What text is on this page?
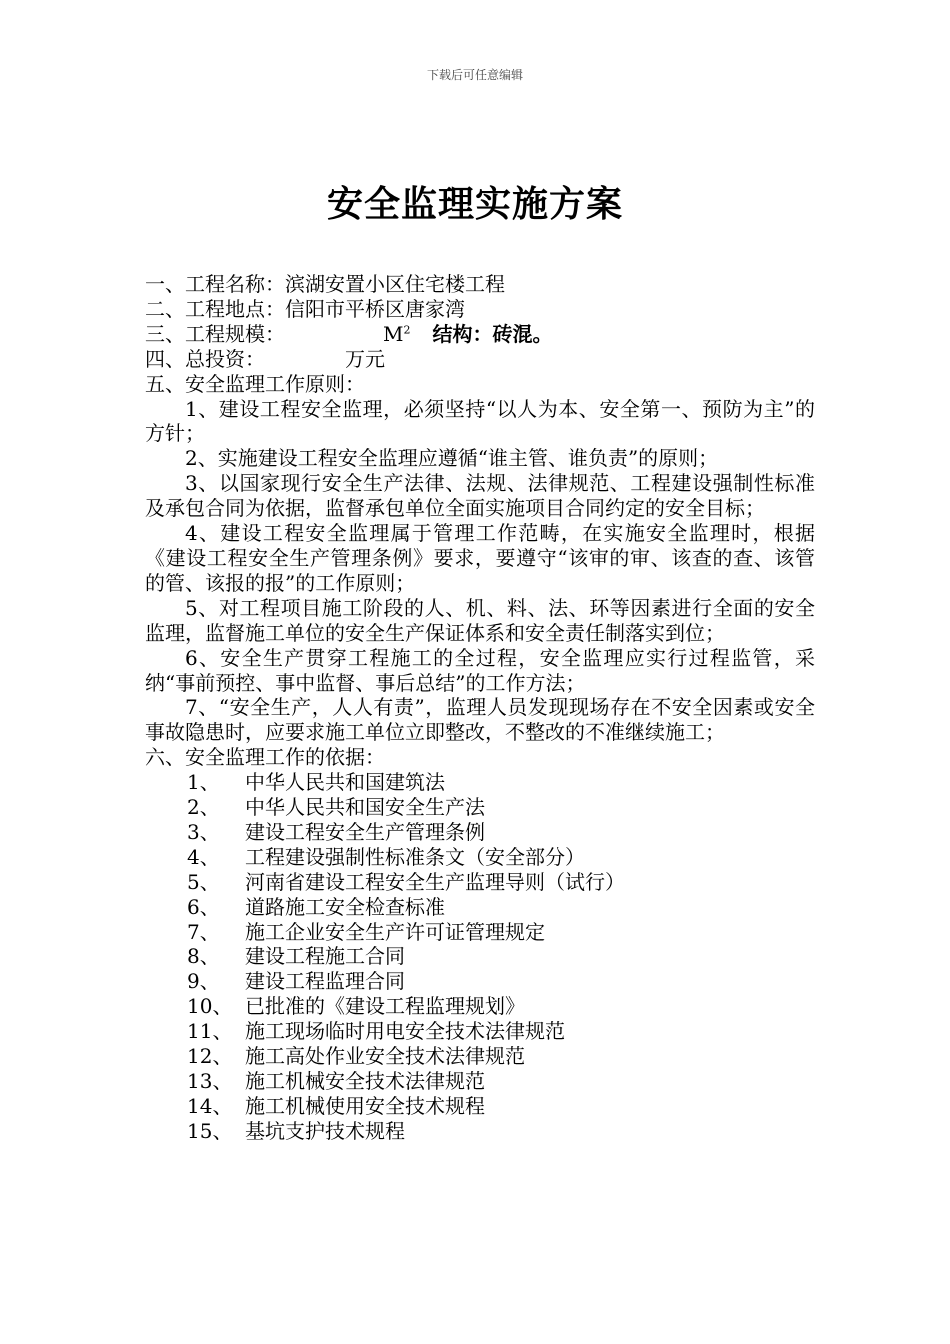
下载后可任意编辑
安全监理实施方案
一、工程名称：滨湖安置小区住宅楼工程
二、工程地点：信阳市平桥区唐家湾
三、工程规模：	$M^2$ 结构：砖混。
四、总投资：	万元
五、安全监理工作原则：
1、建设工程安全监理，必须坚持“以人为本、安全第一、预防为主”的方针；
2、实施建设工程安全监理应遵循“谁主管、谁负责”的原则；
3、以国家现行安全生产法律、法规、法律规范、工程建设强制性标准及承包合同为依据，监督承包单位全面实施项目合同约定的安全目标；
4、建设工程安全监理属于管理工作范畴，在实施安全监理时，根据《建设工程安全生产管理条例》要求，要遵守“该审的审、该查的查、该管的管、该报的报”的工作原则；
5、对工程项目施工阶段的人、机、料、法、环等因素进行全面的安全监理，监督施工单位的安全生产保证体系和安全责任制落实到位；
6、安全生产贯穿工程施工的全过程，安全监理应实行过程监管，采纳“事前预控、事中监督、事后总结”的工作方法；
7、“安全生产，人人有责”，监理人员发现现场存在不安全因素或安全事故隐患时，应要求施工单位立即整改，不整改的不准继续施工；
六、安全监理工作的依据：
1、 中华人民共和国建筑法
2、 中华人民共和国安全生产法
3、 建设工程安全生产管理条例
4、 工程建设强制性标准条文（安全部分）
5、 河南省建设工程安全生产监理导则（试行）
6、 道路施工安全检查标准
7、 施工企业安全生产许可证管理规定
8、 建设工程施工合同
9、 建设工程监理合同
10、 已批准的《建设工程监理规划》
11、 施工现场临时用电安全技术法律规范
12、 施工高处作业安全技术法律规范
13、 施工机械安全技术法律规范
14、 施工机械使用安全技术规程
15、 基坑支护技术规程
